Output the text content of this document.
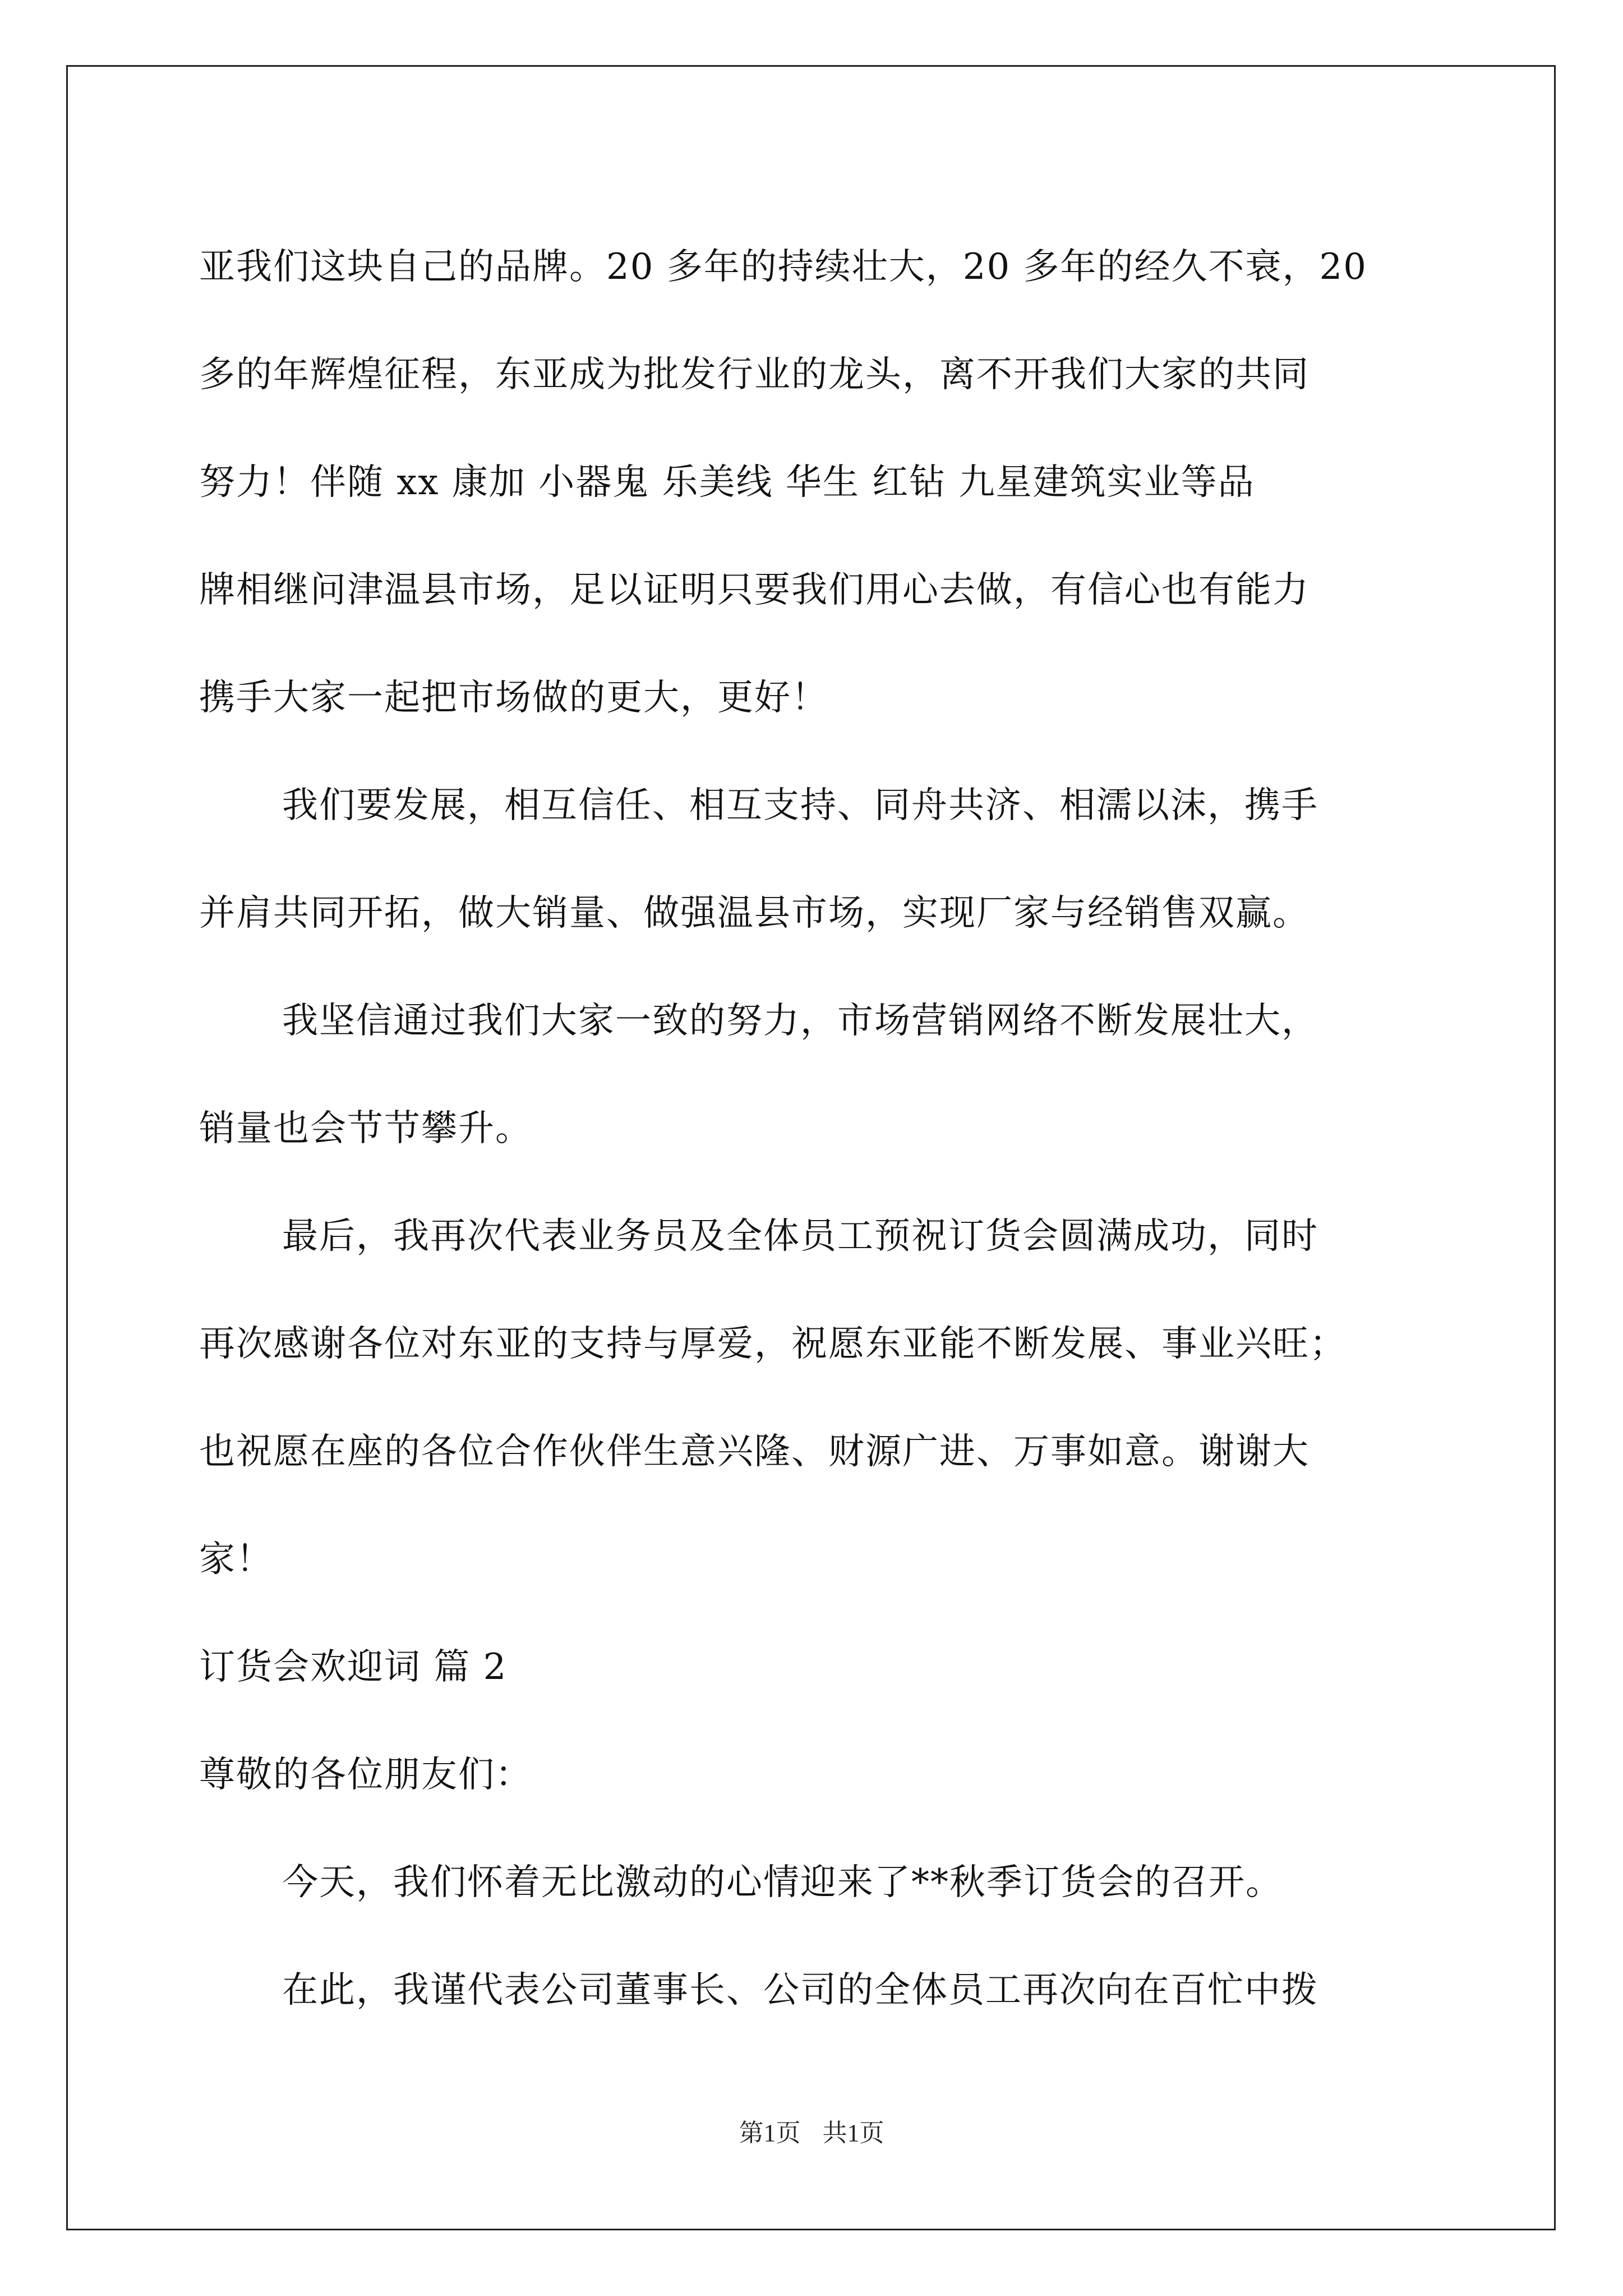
亚我们这块自己的品牌。20 多年的持续壮大，20 多年的经久不衰，20
多的年辉煌征程，东亚成为批发行业的龙头，离不开我们大家的共同
努力！伴随 xx 康加 小器鬼 乐美线 华生 红钻 九星建筑实业等品
牌相继问津温县市场，足以证明只要我们用心去做，有信心也有能力
携手大家一起把市场做的更大，更好！
我们要发展，相互信任、相互支持、同舟共济、相濡以沫，携手
并肩共同开拓，做大销量、做强温县市场，实现厂家与经销售双赢。
我坚信通过我们大家一致的努力，市场营销网络不断发展壮大，
销量也会节节攀升。
最后，我再次代表业务员及全体员工预祝订货会圆满成功，同时
再次感谢各位对东亚的支持与厚爱，祝愿东亚能不断发展、事业兴旺；
也祝愿在座的各位合作伙伴生意兴隆、财源广进、万事如意。谢谢大
家！
订货会欢迎词 篇 2
尊敬的各位朋友们：
今天，我们怀着无比激动的心情迎来了**秋季订货会的召开。
在此，我谨代表公司董事长、公司的全体员工再次向在百忙中拨
第1页 共1页
